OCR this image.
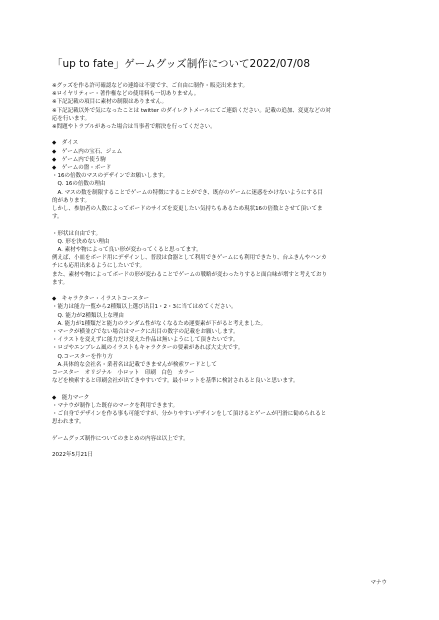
「up to fate」ゲームグッズ制作について2022/07/08
※グッズを作る許可確認などの連絡は不要です、ご自由に制作・販売出来ます。
※ロイヤリティー・著作権などの使用料も一切ありません。
※下記記載の項目に素材の制限はありません。
※下記記載以外で気になったことは twitter のダイレクトメールにてご連絡ください。記載の追加、変更などの対
応を行います。
※問題やトラブルがあった場合は当事者で解決を行ってください。
◆　ダイス
◆　ゲーム内の宝石、ジェム
◆　ゲーム内で使う駒
◆　ゲームの盤・ボード
・16の倍数のマスのデザインでお願いします。
　Q. 16の倍数の理由
　A. マスの数を制限することでゲームの特徴にすることができ、既存のゲームに迷惑をかけないようにする目
的があります。
しかし、参加者の人数によってボードのサイズを変更したい気持ちもあるため現状16の倍数とさせて頂いてま
す。
・形状は自由です。
　Q. 形を決めない理由
　A. 素材や物によって良い形が変わってくると思ってます。
例えば、小皿をボード用にデザインし、普段は食器として利用できゲームにも利用できたり、台ふきんやハンカ
チにも応用出来るようにしたいです。
また、素材や物によってボードの形が変わることでゲームの戦略が変わったりすると面白味が増すと考えており
ます。
◆　キャラクター・イラストコースター
・能力は能力一覧から2種類以上選び出目1・2・3に当てはめてください。
　Q. 能力が2種類以上な理由
　A. 能力が1種類だと能力のランダム性がなくなるため運要素が下がると考えました。
・マークが横並びでない場合はマークに出目の数字の記載をお願いします。
・イラストを変えずに能力だけ変えた作品は無いようにして頂きたいです。
・ロゴやエンブレム風のイラストもキャラクターの要素があれば大丈夫です。
　Q.コースターを作り方
　A.具体的な会社名・業者名は記載できませんが検索ワードとして
コースター　オリジナル　小ロット　印刷　白色　カラー
などを検索すると印刷会社が出てきやすいです。最小ロットを基準に検討されると良いと思います。
◆　能力マーク
・マナウが制作した既存のマークを利用できます。
・ご自身でデザインを作る事も可能ですが、分かりやすいデザインをして頂けるとゲームが円滑に勧められると
思われます。
ゲームグッズ制作についてのまとめの内容は以上です。
2022年5月21日
マナウ
